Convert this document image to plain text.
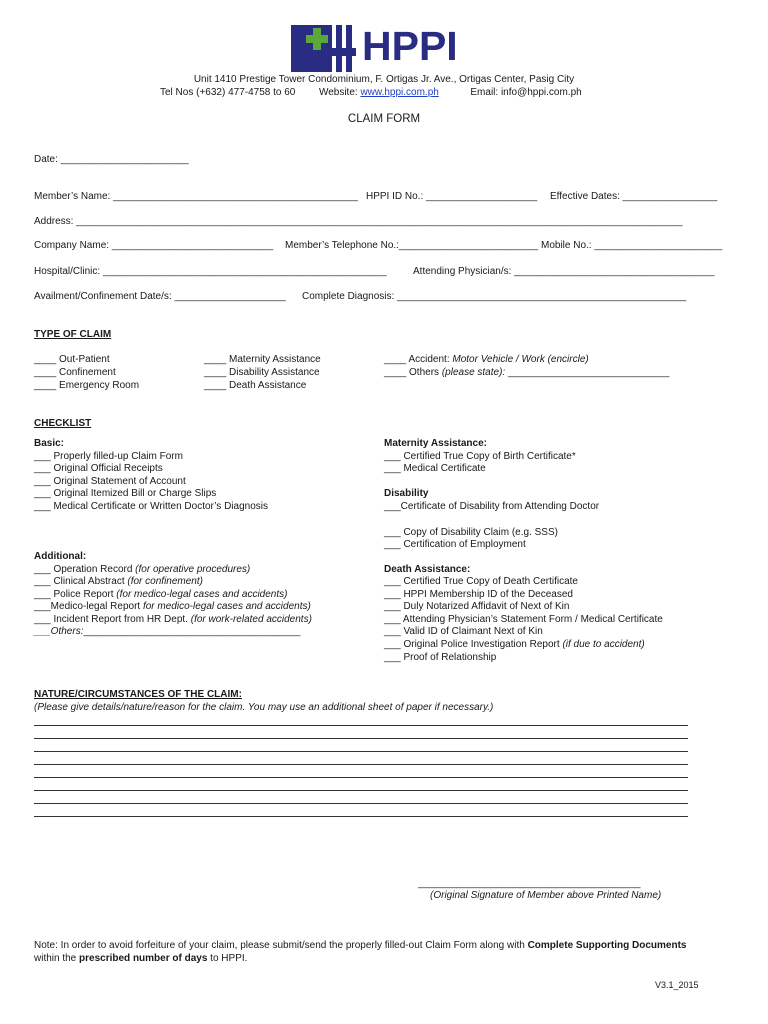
HPPI
Unit 1410 Prestige Tower Condominium, F. Ortigas Jr. Ave., Ortigas Center, Pasig City
Tel Nos (+632) 477-4758 to 60 Website: www.hppi.com.ph	Email: info@hppi.com.ph
CLAIM FORM
Date: _______________________
Member’s Name: ____________________________________________ HPPI ID No.: ____________________ Effective Dates: _________________
Address: _____________________________________________________________________________________________________________
Company Name: _____________________________ Member’s Telephone No.:_________________________ Mobile No.: _______________________
Hospital/Clinic: ___________________________________________________	Attending Physician/s: ____________________________________
Availment/Confinement Date/s: ____________________ Complete Diagnosis: ____________________________________________________
TYPE OF CLAIM
____ Out-Patient
____ Confinement
____ Emergency Room
____ Maternity Assistance
____ Disability Assistance
____ Death Assistance
____ Accident: Motor Vehicle / Work (encircle)
____ Others (please state): _____________________________
CHECKLIST
Basic:
___ Properly filled-up Claim Form
___ Original Official Receipts
___ Original Statement of Account
___ Original Itemized Bill or Charge Slips
___ Medical Certificate or Written Doctor’s Diagnosis
Additional:
___ Operation Record (for operative procedures)
___ Clinical Abstract (for confinement)
___ Police Report (for medico-legal cases and accidents)
___Medico-legal Report for medico-legal cases and accidents)
___ Incident Report from HR Dept. (for work-related accidents)
___Others:_______________________________________
Maternity Assistance:
___ Certified True Copy of Birth Certificate*
___ Medical Certificate
Disability
___Certificate of Disability from Attending Doctor
___ Copy of Disability Claim (e.g. SSS)
___ Certification of Employment
Death Assistance:
___ Certified True Copy of Death Certificate
___ HPPI Membership ID of the Deceased
___ Duly Notarized Affidavit of Next of Kin
___ Attending Physician’s Statement Form / Medical Certificate
___ Valid ID of Claimant Next of Kin
___ Original Police Investigation Report (if due to accident)
___ Proof of Relationship
NATURE/CIRCUMSTANCES OF THE CLAIM:
(Please give details/nature/reason for the claim. You may use an additional sheet of paper if necessary.)
________________________________________
(Original Signature of Member above Printed Name)
Note: In order to avoid forfeiture of your claim, please submit/send the properly filled-out Claim Form along with Complete Supporting Documents
within the prescribed number of days to HPPI.
V3.1_2015
